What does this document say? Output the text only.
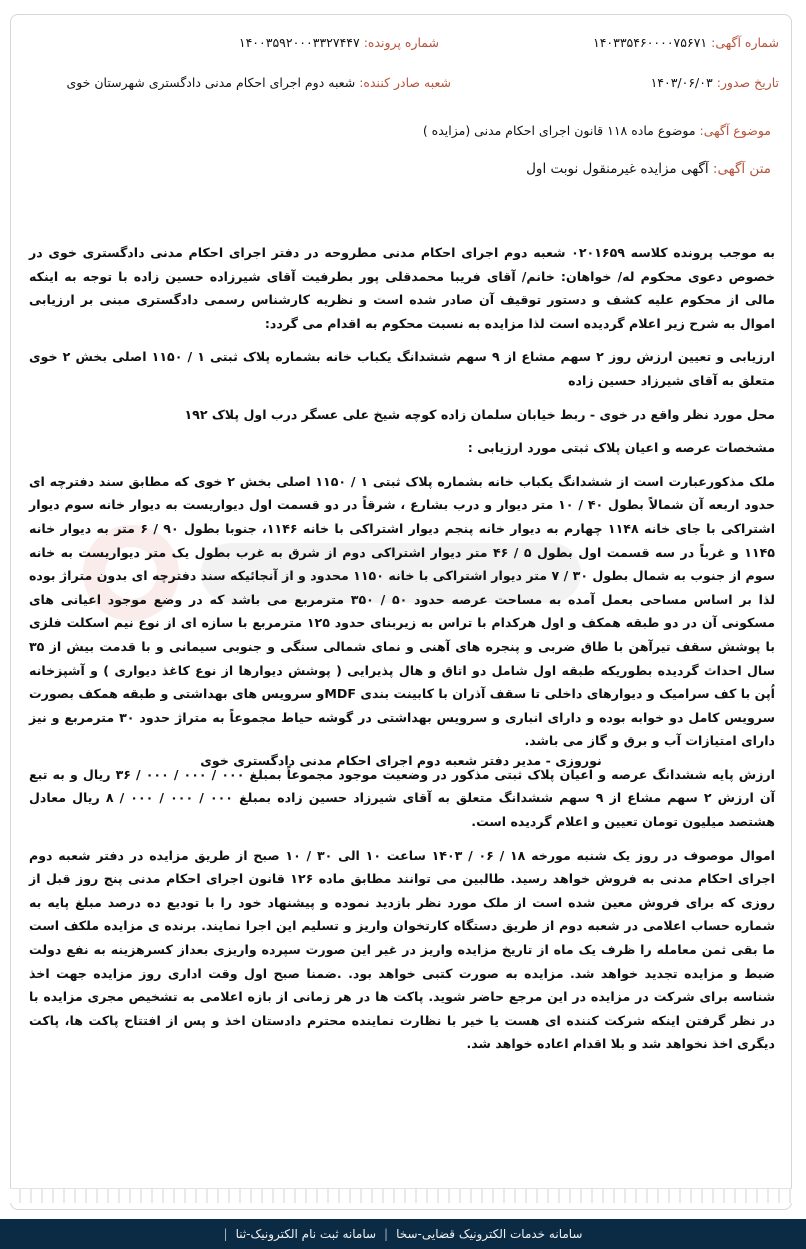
شماره آگهی: ۱۴۰۳۳۵۴۶۰۰۰۰۷۵۶۷۱
شماره پرونده: ۱۴۰۰۳۵۹۲۰۰۰۳۳۲۷۴۴۷
تاریخ صدور: ۱۴۰۳/۰۶/۰۳
شعبه صادر کننده: شعبه دوم اجرای احکام مدنی دادگستری شهرستان خوی
موضوع آگهی: موضوع ماده ۱۱۸ قانون اجرای احکام مدنی (مزایده )
متن آگهی: آگهی مزایده غیرمنقول نوبت اول

به موجب پرونده کلاسه ۰۲۰۱۶۵۹ شعبه دوم اجرای احکام مدنی مطروحه در دفتر اجرای احکام مدنی دادگستری خوی در خصوص دعوی محکوم له/ خواهان: خانم/ آقای فریبا محمدقلی پور بطرفیت آقای شیرزاده حسین زاده با توجه به اینکه مالی از محکوم علیه کشف و دستور توقیف آن صادر شده است و نظریه کارشناس رسمی دادگستری مبنی بر ارزیابی اموال به شرح زیر اعلام گردیده است لذا مزایده به نسبت محکوم به اقدام می گردد:

ارزیابی و تعیین ارزش روز ۲ سهم مشاع از ۹ سهم ششدانگ یکباب خانه بشماره پلاک ثبتی ۱ / ۱۱۵۰ اصلی بخش ۲ خوی متعلق به آقای شیرزاد حسین زاده

محل مورد نظر واقع در خوی - ربط خیابان سلمان زاده کوچه شیخ علی عسگر درب اول پلاک ۱۹۲

مشخصات عرصه و اعیان پلاک ثبتی مورد ارزیابی :

ملک مذکورعبارت است از ششدانگ یکباب خانه بشماره پلاک ثبتی ۱ / ۱۱۵۰ اصلی بخش ۲ خوی که مطابق سند دفترچه ای حدود اربعه آن شمالاً بطول ۴۰ / ۱۰ متر دیوار و درب بشارع ، شرقاً در دو قسمت اول دیواریست به دیوار خانه سوم دیوار اشتراکی با جای خانه ۱۱۴۸ چهارم به دیوار خانه پنجم دیوار اشتراکی با خانه ۱۱۴۶، جنوبا بطول ۹۰ / ۶ متر به دیوار خانه ۱۱۴۵ و غرباً در سه قسمت اول بطول ۵ / ۴۶ متر دیوار اشتراکی دوم از شرق به غرب بطول یک متر دیواریست به خانه سوم از جنوب به شمال بطول ۳۰ / ۷ متر دیوار اشتراکی با خانه ۱۱۵۰ محدود و از آنجائیکه سند دفترچه ای بدون متراژ بوده لذا بر اساس مساحی بعمل آمده به مساحت عرصه حدود ۵۰ / ۳۵۰ مترمربع می باشد که در وضع موجود اعیانی های مسکونی آن در دو طبقه همکف و اول هرکدام با تراس به زیربنای حدود ۱۲۵ مترمربع با سازه ای از نوع نیم اسکلت فلزی با پوشش سقف تیرآهن با طاق ضربی و پنجره های آهنی و نمای شمالی سنگی و جنوبی سیمانی و با قدمت بیش از ۳۵ سال احداث گردیده بطوریکه طبقه اول شامل دو اتاق و هال پذیرایی ( پوشش دیوارها از نوع کاغذ دیواری ) و آشپزخانه اُپن با کف سرامیک و دیوارهای داخلی تا سقف آذران با کابینت بندی MDFو سرویس های بهداشتی و طبقه همکف بصورت سرویس کامل دو خوابه بوده و دارای انباری و سرویس بهداشتی در گوشه حیاط مجموعاً به متراژ حدود ۳۰ مترمربع و نیز دارای امتیازات آب و برق و گاز می باشد.

ارزش پایه ششدانگ عرصه و اعیان پلاک ثبتی مذکور در وضعیت موجود مجموعاً بمبلغ ۰۰۰ / ۰۰۰ / ۰۰۰ / ۳۶ ریال و به تبع آن ارزش ۲ سهم مشاع از ۹ سهم ششدانگ متعلق به آقای شیرزاد حسین زاده بمبلغ ۰۰۰ / ۰۰۰ / ۰۰۰ / ۸ ریال معادل هشتصد میلیون تومان تعیین و اعلام گردیده است.

اموال موصوف در روز یک شنبه مورخه ۱۸ / ۰۶ / ۱۴۰۳ ساعت ۱۰ الی ۳۰ / ۱۰ صبح از طریق مزایده در دفتر شعبه دوم اجرای احکام مدنی به فروش خواهد رسید. طالبین می توانند مطابق ماده ۱۲۶ قانون اجرای احکام مدنی پنج روز قبل از روزی که برای فروش معین شده است از ملک مورد نظر بازدید نموده و پیشنهاد خود را با تودیع ده درصد مبلغ پایه به شماره حساب اعلامی در شعبه دوم از طریق دستگاه کارتخوان واریز و تسلیم این اجرا نمایند. برنده ی مزایده ملکف است ما بقی ثمن معامله را ظرف یک ماه از تاریخ مزایده واریز در غیر این صورت سپرده واریزی بعداز کسرهزینه به نفع دولت ضبط و مزایده تجدید خواهد شد. مزایده به صورت کتبی خواهد بود. .ضمنا صبح اول وقت اداری روز مزایده جهت اخذ شناسه برای شرکت در مزایده در این مرجع حاضر شوید. پاکت ها در هر زمانی از بازه اعلامی به تشخیص مجری مزایده با در نظر گرفتن اینکه شرکت کننده ای هست یا خیر با نظارت نماینده محترم دادستان اخذ و پس از افتتاح پاکت ها، پاکت دیگری اخذ نخواهد شد و بلا اقدام اعاده خواهد شد.

نوروزی - مدیر دفتر شعبه دوم اجرای احکام مدنی دادگستری خوی
سامانه خدمات الکترونیک قضایی-سخا
|
سامانه ثبت نام الکترونیک-ثنا
|
